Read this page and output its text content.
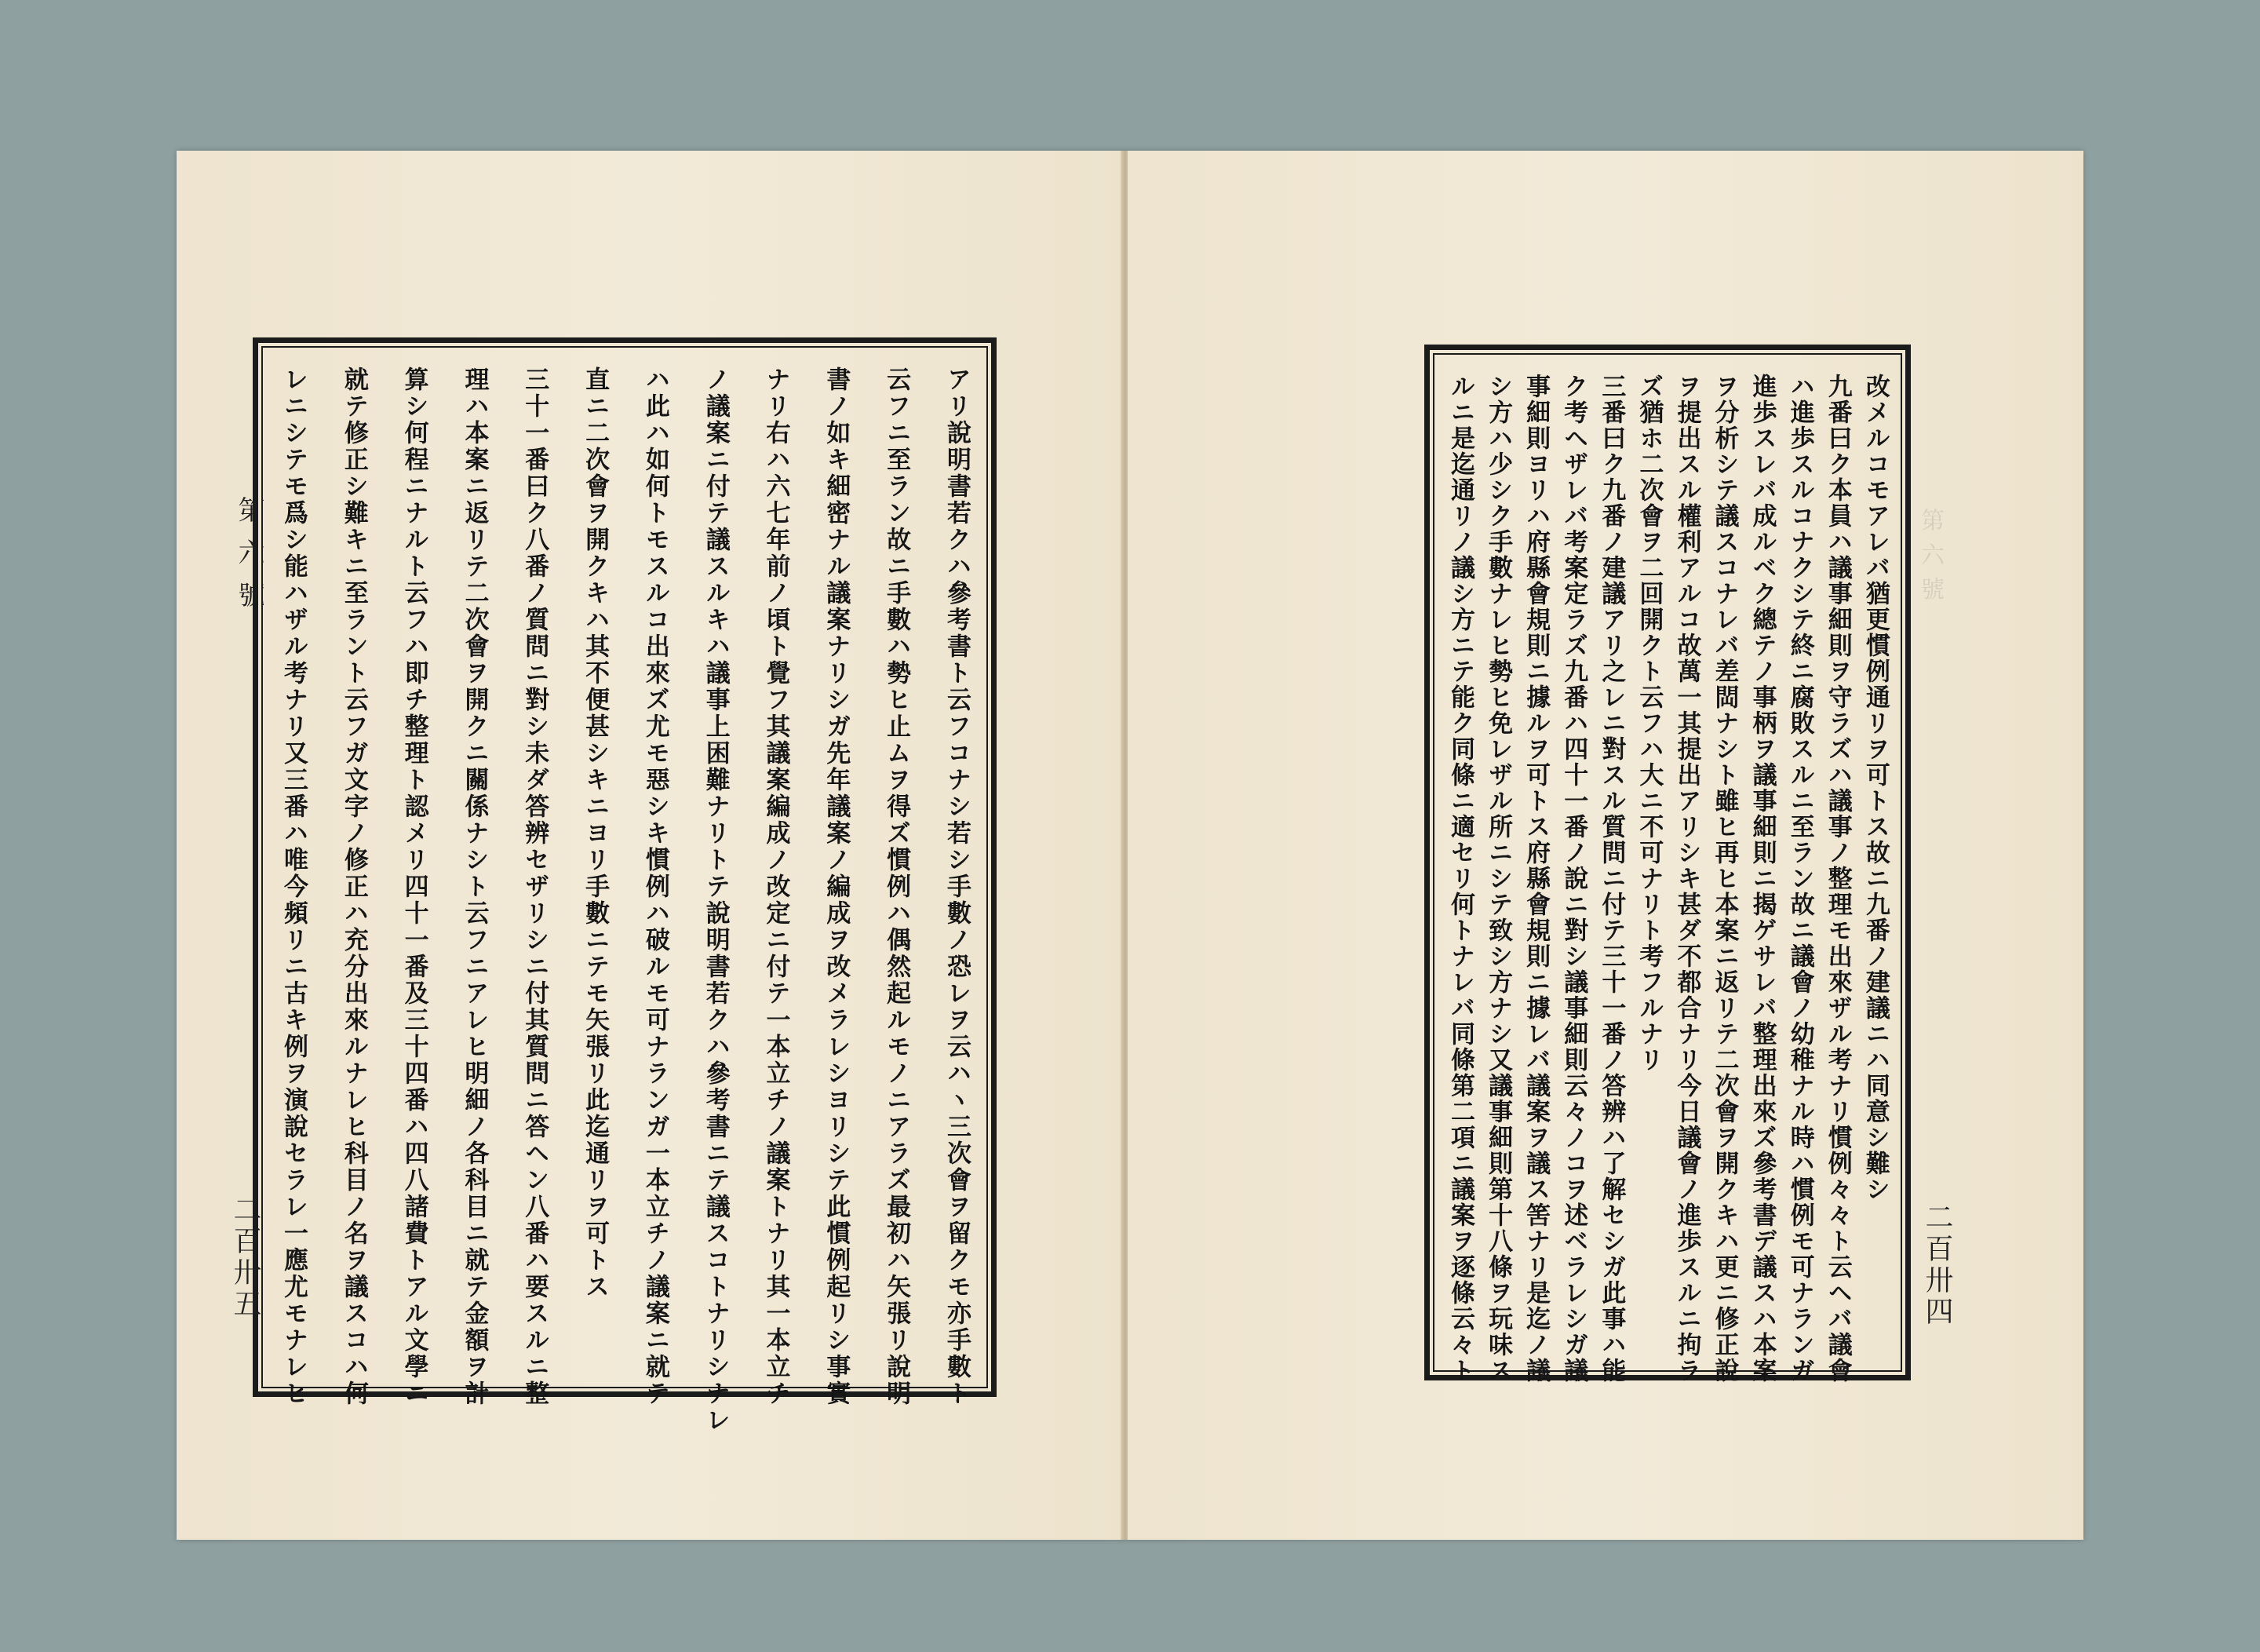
第六號	アリ說明書若クハ參考書ト云フコナシ若シ手數ノ恐レヲ云ハヽ三次會ヲ留クモ亦手數ト
云フニ至ラン故ニ手數ハ勢ヒ止ムヲ得ズ慣例ハ偶然起ルモノニアラズ最初ハ矢張リ說明
書ノ如キ細密ナル議案ナリシガ先年議案ノ編成ヲ改メラレシヨリシテ此慣例起リシ事實
ナリ右ハ六七年前ノ頃ト覺フ其議案編成ノ改定ニ付テ一本立チノ議案トナリ其一本立チ
ノ議案ニ付テ議スルキハ議事上困難ナリトテ說明書若クハ參考書ニテ議スコトナリシナレ
ハ此ハ如何トモスルコ出來ズ尤モ惡シキ慣例ハ破ルモ可ナランガ一本立チノ議案ニ就テ
直ニ二次會ヲ開クキハ其不便甚シキニヨリ手數ニテモ矢張リ此迄通リヲ可トス
三十一番曰ク八番ノ質問ニ對シ未ダ答辨セザリシニ付其質問ニ答ヘン八番ハ要スルニ整
理ハ本案ニ返リテ二次會ヲ開クニ關係ナシト云フニアレヒ明細ノ各科目ニ就テ金額ヲ計
算シ何程ニナルト云フハ即チ整理ト認メリ四十一番及三十四番ハ四八諸費トアル文學ニ
就テ修正シ難キニ至ラント云フガ文字ノ修正ハ充分出來ルナレヒ科目ノ名ヲ議スコハ何
レニシテモ爲シ能ハザル考ナリ又三番ハ唯今頻リニ古キ例ヲ演說セラレ一應尤モナレヒ
二百卅五
第六號
改メルコモアレバ猶更慣例通リヲ可トス故ニ九番ノ建議ニハ同意シ難シ
九番曰ク本員ハ議事細則ヲ守ラズハ議事ノ整理モ出來ザル考ナリ慣例々々ト云ヘバ議會
ハ進歩スルコナクシテ終ニ腐敗スルニ至ラン故ニ議會ノ幼稚ナル時ハ慣例モ可ナランガ
進歩スレバ成ルベク總テノ事柄ヲ議事細則ニ揭ゲサレバ整理出來ズ參考書デ議スハ本案
ヲ分析シテ議スコナレバ差閊ナシト雖ヒ再ヒ本案ニ返リテ二次會ヲ開クキハ更ニ修正說
ヲ提出スル權利アルコ故萬一其提出アリシキ甚ダ不都合ナリ今日議會ノ進歩スルニ拘ラ
ズ猶ホ二次會ヲ二回開クト云フハ大ニ不可ナリト考フルナリ
三番曰ク九番ノ建議アリ之レニ對スル質問ニ付テ三十一番ノ答辨ハ了解セシガ此事ハ能
ク考ヘザレバ考案定ラズ九番ハ四十一番ノ說ニ對シ議事細則云々ノコヲ述ベラレシガ議
事細則ヨリハ府縣會規則ニ據ルヲ可トス府縣會規則ニ據レバ議案ヲ議ス筈ナリ是迄ノ議
シ方ハ少シク手數ナレヒ勢ヒ免レザル所ニシテ致シ方ナシ又議事細則第十八條ヲ玩味ス
ルニ是迄通リノ議シ方ニテ能ク同條ニ適セリ何トナレバ同條第二項ニ議案ヲ逐條云々ト	二百卅四
